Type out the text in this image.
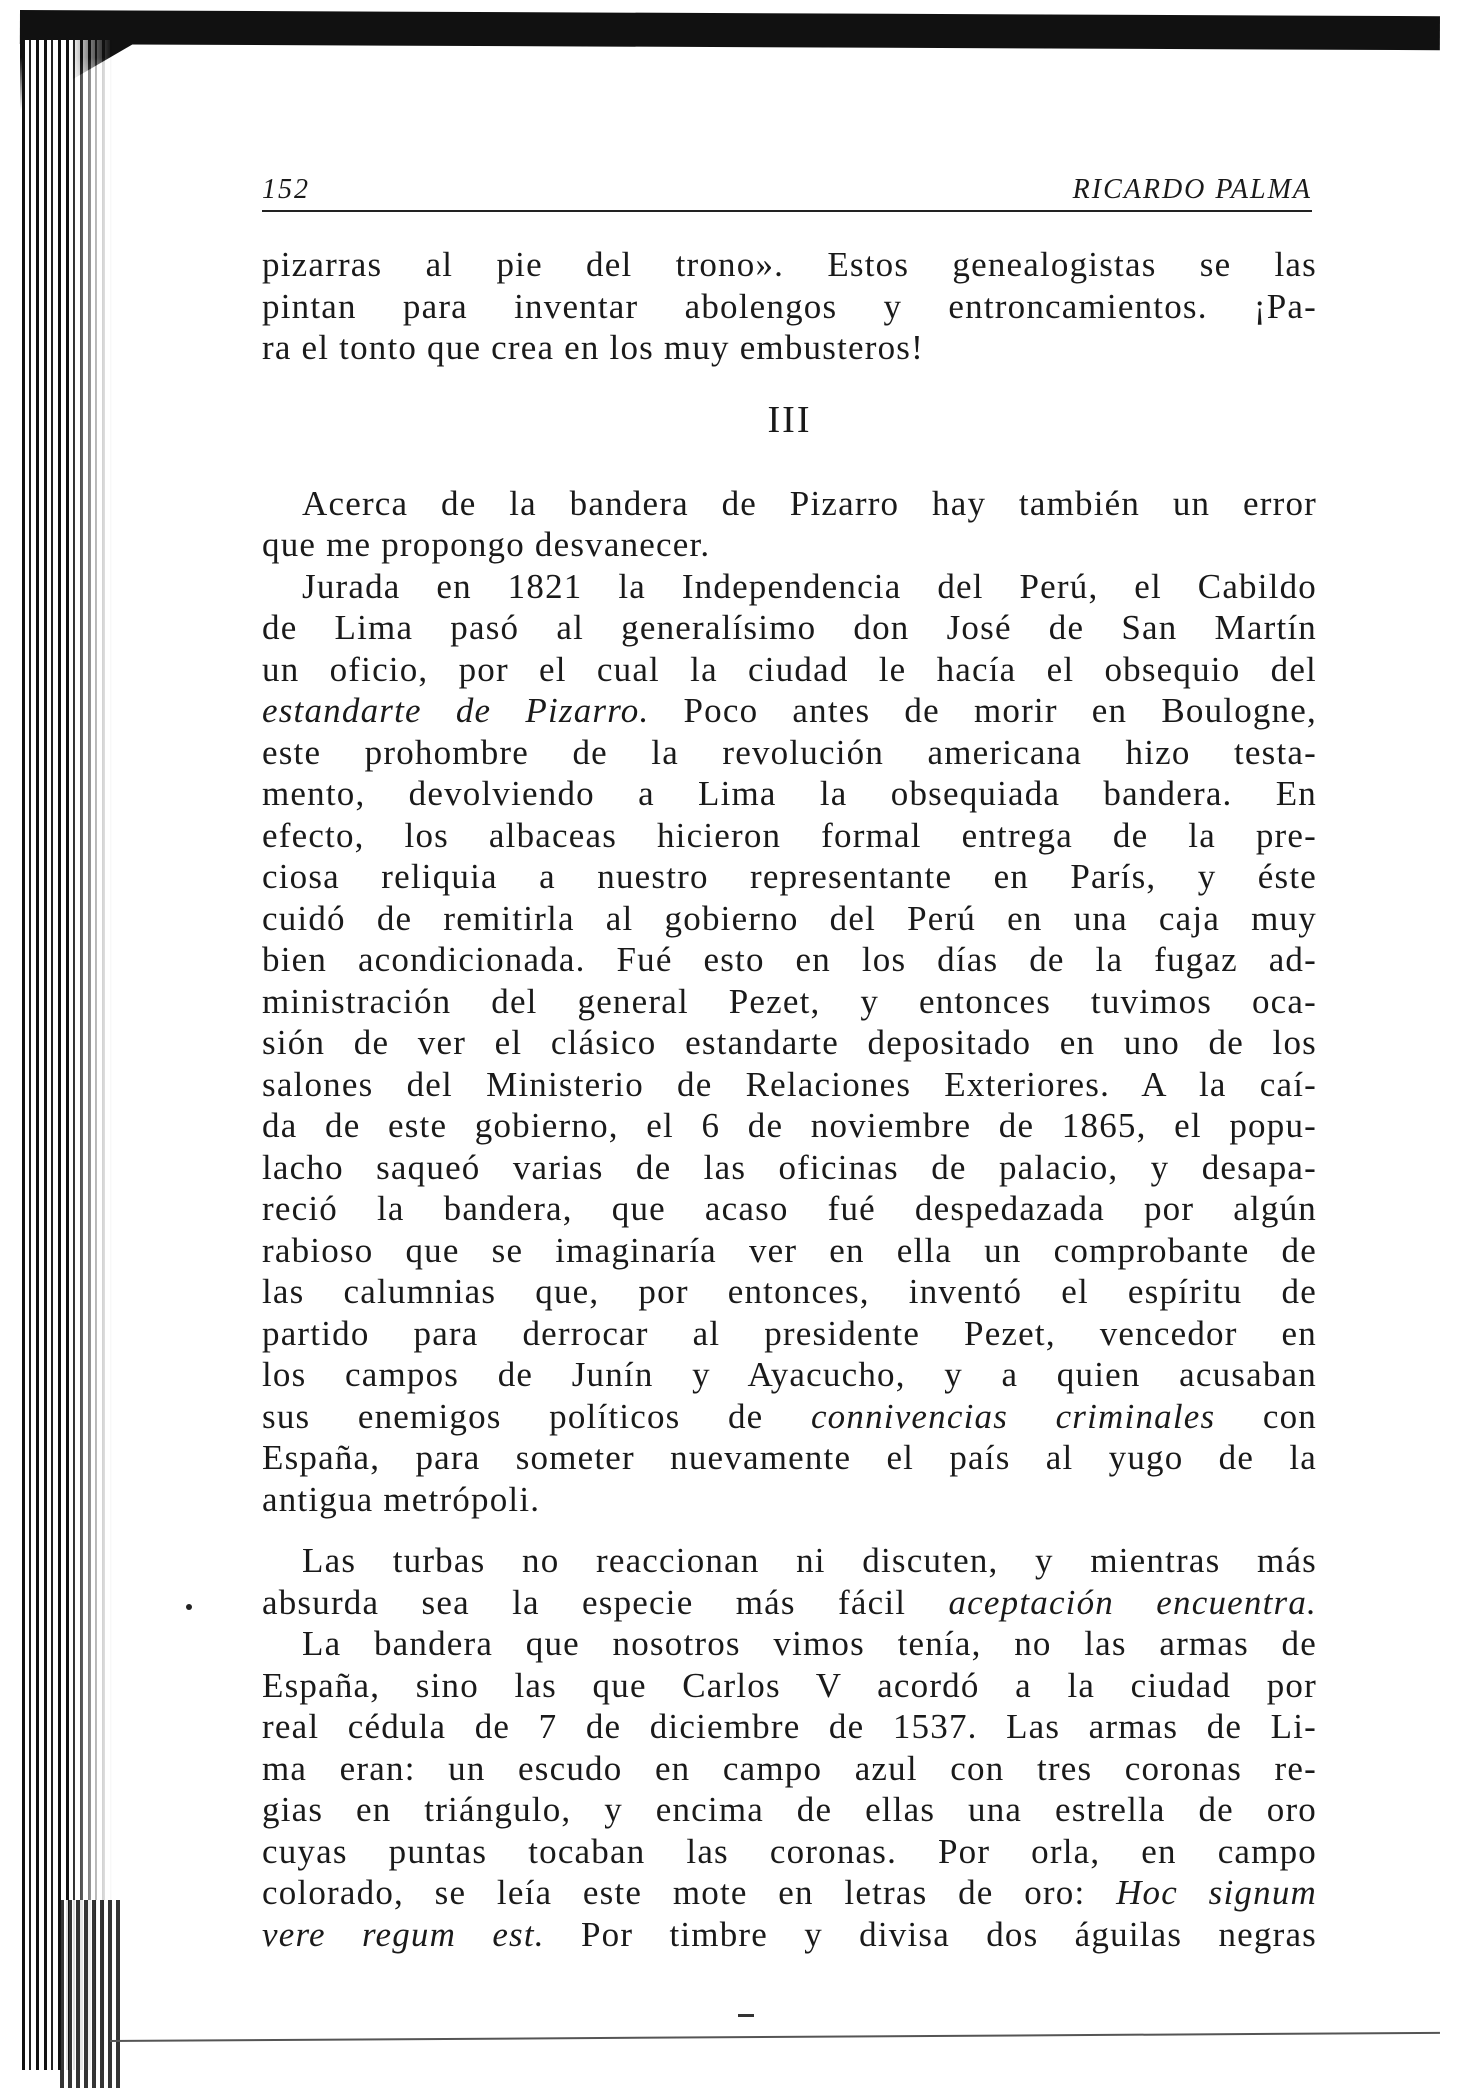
152	RICARDO PALMA
pizarras al pie del trono». Estos genealogistas se las
pintan para inventar abolengos y entroncamientos. ¡Pa-
ra el tonto que crea en los muy embusteros!
III
Acerca de la bandera de Pizarro hay también un error
que me propongo desvanecer.
Jurada en 1821 la Independencia del Perú, el Cabildo
de Lima pasó al generalísimo don José de San Martín
un oficio, por el cual la ciudad le hacía el obsequio del
estandarte de Pizarro. Poco antes de morir en Boulogne,
este prohombre de la revolución americana hizo testa-
mento, devolviendo a Lima la obsequiada bandera. En
efecto, los albaceas hicieron formal entrega de la pre-
ciosa reliquia a nuestro representante en París, y éste
cuidó de remitirla al gobierno del Perú en una caja muy
bien acondicionada. Fué esto en los días de la fugaz ad-
ministración del general Pezet, y entonces tuvimos oca-
sión de ver el clásico estandarte depositado en uno de los
salones del Ministerio de Relaciones Exteriores. A la caí-
da de este gobierno, el 6 de noviembre de 1865, el popu-
lacho saqueó varias de las oficinas de palacio, y desapa-
reció la bandera, que acaso fué despedazada por algún
rabioso que se imaginaría ver en ella un comprobante de
las calumnias que, por entonces, inventó el espíritu de
partido para derrocar al presidente Pezet, vencedor en
los campos de Junín y Ayacucho, y a quien acusaban
sus enemigos políticos de connivencias criminales con
España, para someter nuevamente el país al yugo de la
antigua metrópoli.
Las turbas no reaccionan ni discuten, y mientras más
absurda sea la especie más fácil aceptación encuentra.
La bandera que nosotros vimos tenía, no las armas de
España, sino las que Carlos V acordó a la ciudad por
real cédula de 7 de diciembre de 1537. Las armas de Li-
ma eran: un escudo en campo azul con tres coronas re-
gias en triángulo, y encima de ellas una estrella de oro
cuyas puntas tocaban las coronas. Por orla, en campo
colorado, se leía este mote en letras de oro: Hoc signum
vere regum est. Por timbre y divisa dos águilas negras
